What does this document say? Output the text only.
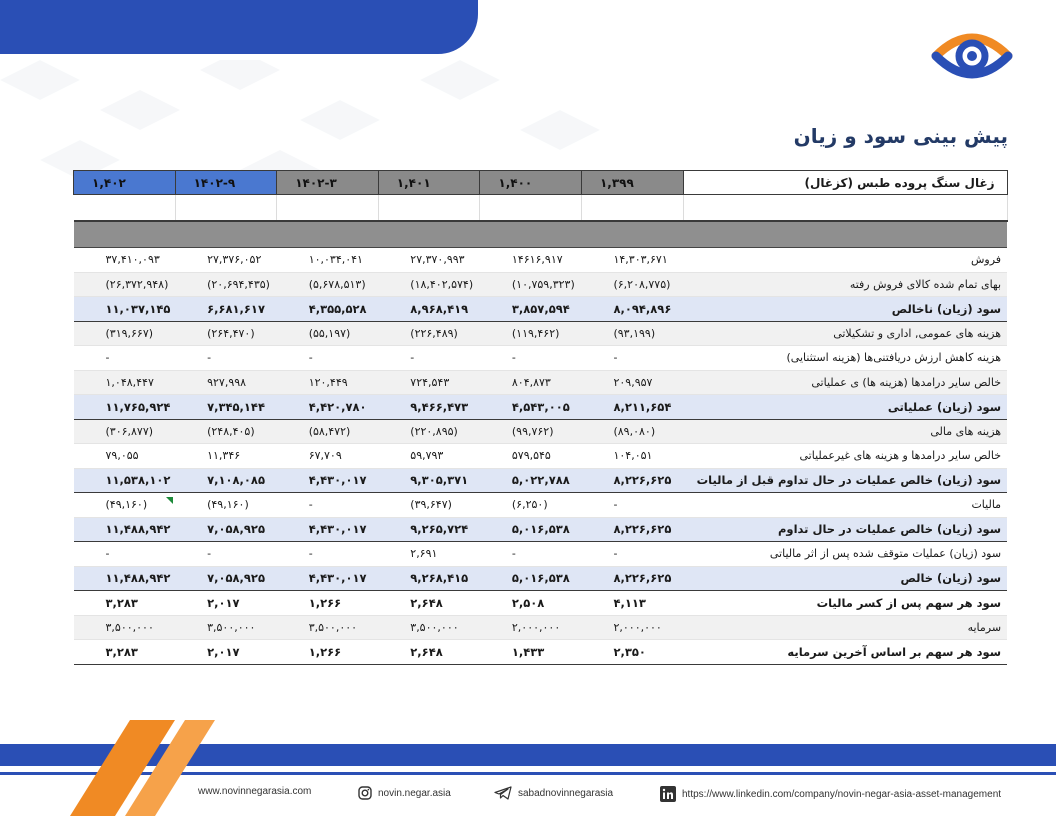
پیش بینی سود و زیان
زغال سنگ پروده طبس (کزغال)	۱,۳۹۹	۱,۴۰۰	۱,۴۰۱	۱۴۰۲-۳	۱۴۰۲-۹	۱,۴۰۲

فروش	۱۴,۳۰۳,۶۷۱	۱۴۶۱۶,۹۱۷	۲۷,۳۷۰,۹۹۳	۱۰,۰۳۴,۰۴۱	۲۷,۳۷۶,۰۵۲	۳۷,۴۱۰,۰۹۳
بهای تمام شده کالای فروش رفته	(۶,۲۰۸,۷۷۵)	(۱۰,۷۵۹,۳۲۳)	(۱۸,۴۰۲,۵۷۴)	(۵,۶۷۸,۵۱۳)	(۲۰,۶۹۴,۴۳۵)	(۲۶,۳۷۲,۹۴۸)
سود (زیان) ناخالص	۸,۰۹۴,۸۹۶	۳,۸۵۷,۵۹۴	۸,۹۶۸,۴۱۹	۴,۳۵۵,۵۲۸	۶,۶۸۱,۶۱۷	۱۱,۰۳۷,۱۴۵
هزینه های عمومی, اداری و تشکیلاتی	(۹۳,۱۹۹)	(۱۱۹,۴۶۲)	(۲۲۶,۴۸۹)	(۵۵,۱۹۷)	(۲۶۴,۴۷۰)	(۳۱۹,۶۶۷)
هزینه کاهش ارزش دریافتنی‌ها (هزینه استثنایی)	-	-	-	-	-	-
خالص سایر درامدها (هزینه ها) ی عملیاتی	۲۰۹,۹۵۷	۸۰۴,۸۷۳	۷۲۴,۵۴۳	۱۲۰,۴۴۹	۹۲۷,۹۹۸	۱,۰۴۸,۴۴۷
سود (زیان) عملیاتی	۸,۲۱۱,۶۵۴	۴,۵۴۳,۰۰۵	۹,۴۶۶,۴۷۳	۴,۴۲۰,۷۸۰	۷,۳۴۵,۱۴۴	۱۱,۷۶۵,۹۲۴
هزینه های مالی	(۸۹,۰۸۰)	(۹۹,۷۶۲)	(۲۲۰,۸۹۵)	(۵۸,۴۷۲)	(۲۴۸,۴۰۵)	(۳۰۶,۸۷۷)
خالص سایر درامدها و هزینه های غیرعملیاتی	۱۰۴,۰۵۱	۵۷۹,۵۴۵	۵۹,۷۹۳	۶۷,۷۰۹	۱۱,۳۴۶	۷۹,۰۵۵
سود (زیان) خالص عملیات در حال تداوم قبل از مالیات	۸,۲۲۶,۶۲۵	۵,۰۲۲,۷۸۸	۹,۳۰۵,۳۷۱	۴,۴۳۰,۰۱۷	۷,۱۰۸,۰۸۵	۱۱,۵۳۸,۱۰۲
مالیات	-	(۶,۲۵۰)	(۳۹,۶۴۷)	-	(۴۹,۱۶۰)	(۴۹,۱۶۰)
سود (زیان) خالص عملیات در حال تداوم	۸,۲۲۶,۶۲۵	۵,۰۱۶,۵۳۸	۹,۲۶۵,۷۲۴	۴,۴۳۰,۰۱۷	۷,۰۵۸,۹۲۵	۱۱,۴۸۸,۹۴۲
سود (زیان) عملیات متوقف شده پس از اثر مالیاتی	-	-	۲,۶۹۱	-	-	-
سود (زیان) خالص	۸,۲۲۶,۶۲۵	۵,۰۱۶,۵۳۸	۹,۲۶۸,۴۱۵	۴,۴۳۰,۰۱۷	۷,۰۵۸,۹۲۵	۱۱,۴۸۸,۹۴۲
سود هر سهم پس از کسر مالیات	۴,۱۱۳	۲,۵۰۸	۲,۶۴۸	۱,۲۶۶	۲,۰۱۷	۳,۲۸۳
سرمایه	۲,۰۰۰,۰۰۰	۲,۰۰۰,۰۰۰	۳,۵۰۰,۰۰۰	۳,۵۰۰,۰۰۰	۳,۵۰۰,۰۰۰	۳,۵۰۰,۰۰۰
سود هر سهم بر اساس آخرین سرمایه	۲,۳۵۰	۱,۴۳۳	۲,۶۴۸	۱,۲۶۶	۲,۰۱۷	۳,۲۸۳
www.novinnegarasia.com	novin.negar.asia	sabadnovinnegarasia	https://www.linkedin.com/company/novin-negar-asia-asset-management
